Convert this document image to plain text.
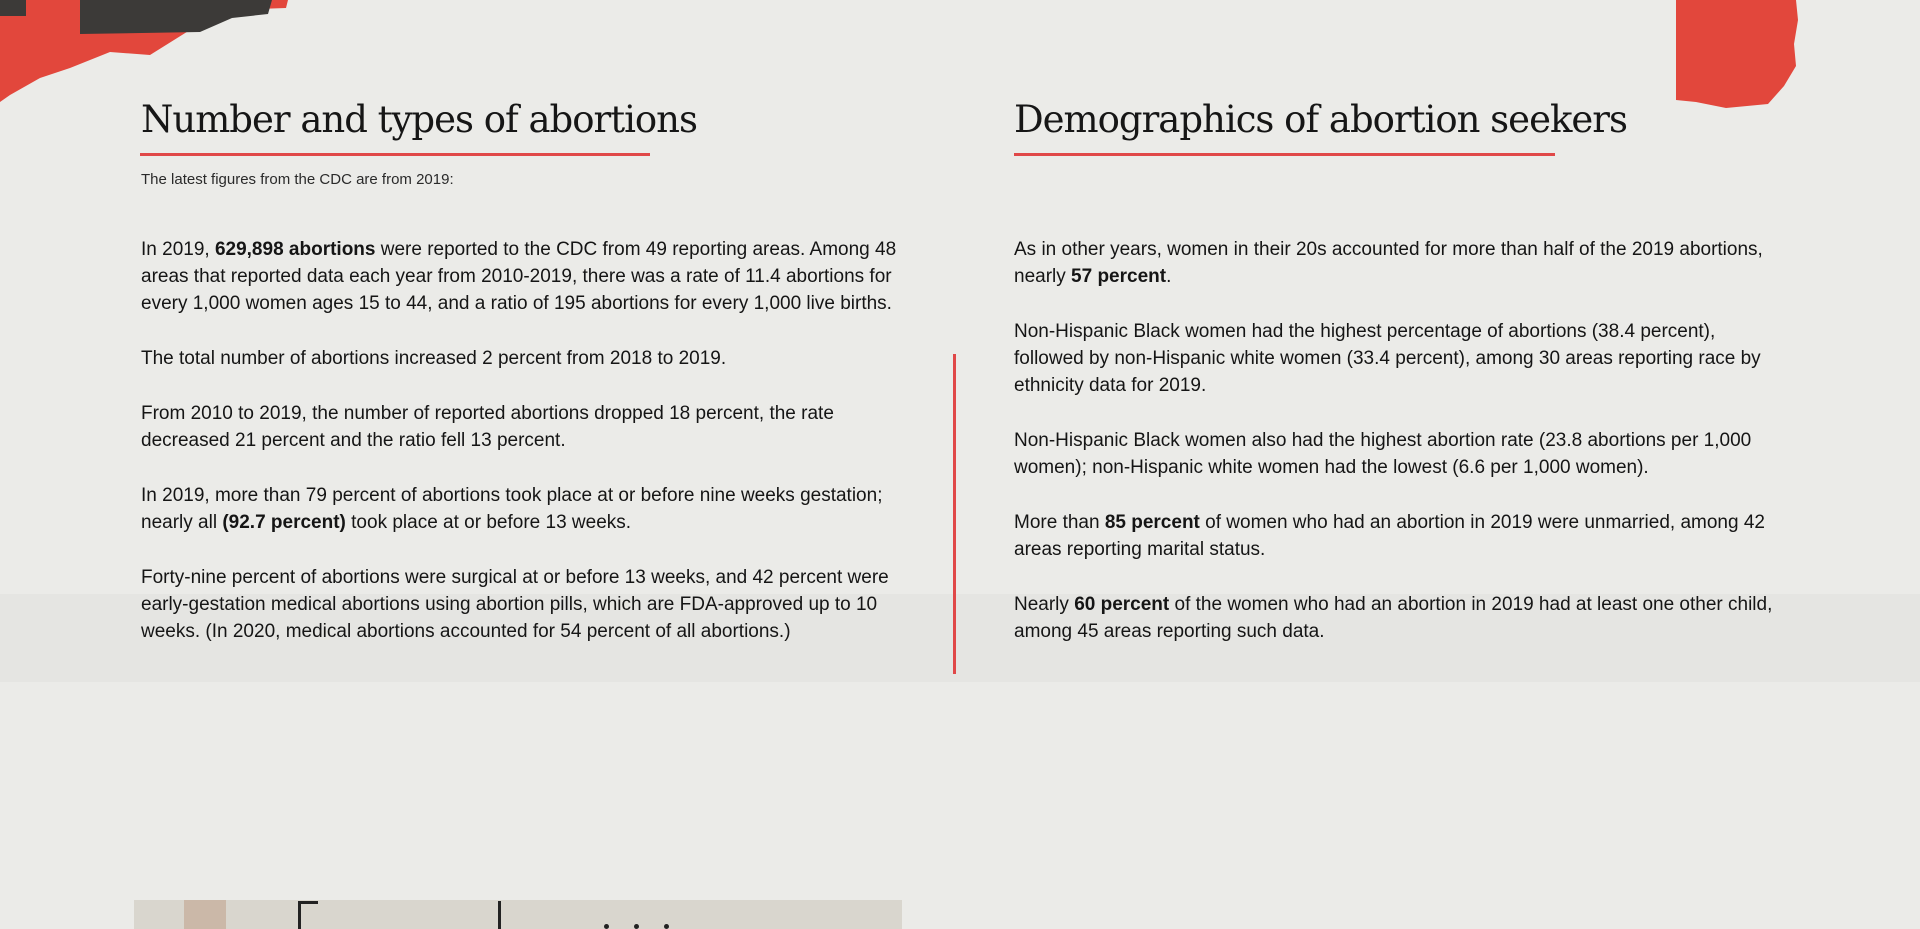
Number and types of abortions

The latest figures from the CDC are from 2019:

In 2019, 629,898 abortions were reported to the CDC from 49 reporting areas. Among 48 areas that reported data each year from 2010-2019, there was a rate of 11.4 abortions for every 1,000 women ages 15 to 44, and a ratio of 195 abortions for every 1,000 live births.

The total number of abortions increased 2 percent from 2018 to 2019.

From 2010 to 2019, the number of reported abortions dropped 18 percent, the rate decreased 21 percent and the ratio fell 13 percent.

In 2019, more than 79 percent of abortions took place at or before nine weeks gestation; nearly all (92.7 percent) took place at or before 13 weeks.

Forty-nine percent of abortions were surgical at or before 13 weeks, and 42 percent were early-gestation medical abortions using abortion pills, which are FDA-approved up to 10 weeks. (In 2020, medical abortions accounted for 54 percent of all abortions.)

Demographics of abortion seekers

As in other years, women in their 20s accounted for more than half of the 2019 abortions, nearly 57 percent.

Non-Hispanic Black women had the highest percentage of abortions (38.4 percent), followed by non-Hispanic white women (33.4 percent), among 30 areas reporting race by ethnicity data for 2019.

Non-Hispanic Black women also had the highest abortion rate (23.8 abortions per 1,000 women); non-Hispanic white women had the lowest (6.6 per 1,000 women).

More than 85 percent of women who had an abortion in 2019 were unmarried, among 42 areas reporting marital status.

Nearly 60 percent of the women who had an abortion in 2019 had at least one other child, among 45 areas reporting such data.
